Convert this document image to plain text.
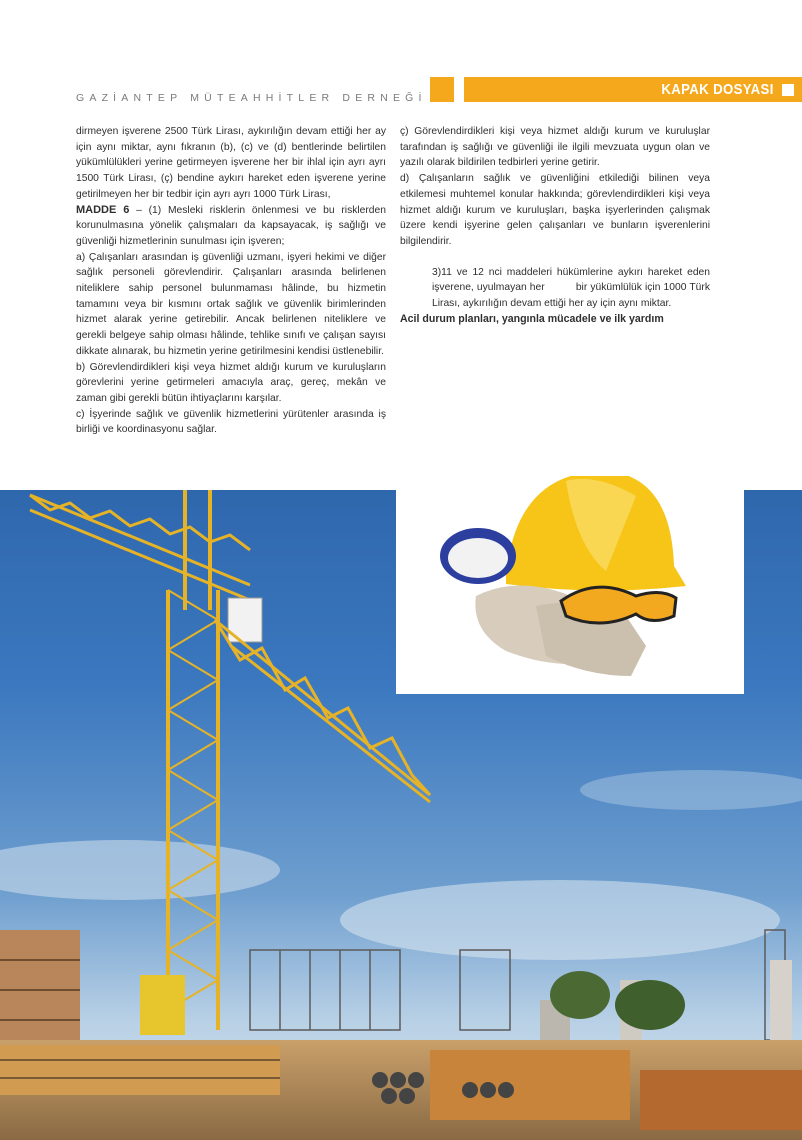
GAZİANTEP MÜTEAHHİTLER DERNEĞİ	KAPAK DOSYASI

dirmeyen işverene 2500 Türk Lirası, aykırılığın devam ettiği her ay için aynı miktar, aynı fıkranın (b), (c) ve (d) bentlerinde belirtilen yükümlülükleri yerine getirmeyen işverene her bir ihlal için ayrı ayrı 1500 Türk Lirası, (ç) bendine aykırı hareket eden işverene yerine getirilmeyen her bir tedbir için ayrı ayrı 1000 Türk Lirası,

MADDE 6 – (1) Mesleki risklerin önlenmesi ve bu risklerden korunulmasına yönelik çalışmaları da kapsayacak, iş sağlığı ve güvenliği hizmetlerinin sunulması için işveren;

a) Çalışanları arasından iş güvenliği uzmanı, işyeri hekimi ve diğer sağlık personeli görevlendirir. Çalışanları arasında belirlenen niteliklere sahip personel bulunmaması hâlinde, bu hizmetin tamamını veya bir kısmını ortak sağlık ve güvenlik birimlerinden hizmet alarak yerine getirebilir. Ancak belirlenen niteliklere ve gerekli belgeye sahip olması hâlinde, tehlike sınıfı ve çalışan sayısı dikkate alınarak, bu hizmetin yerine getirilmesini kendisi üstlenebilir.

b) Görevlendirdikleri kişi veya hizmet aldığı kurum ve kuruluşların görevlerini yerine getirmeleri amacıyla araç, gereç, mekân ve zaman gibi gerekli bütün ihtiyaçlarını karşılar.

c) İşyerinde sağlık ve güvenlik hizmetlerini yürütenler arasında iş birliği ve koordinasyonu sağlar.

ç) Görevlendirdikleri kişi veya hizmet aldığı kurum ve kuruluşlar tarafından iş sağlığı ve güvenliği ile ilgili mevzuata uygun olan ve yazılı olarak bildirilen tedbirleri yerine getirir.

d) Çalışanların sağlık ve güvenliğini etkilediği bilinen veya etkilemesi muhtemel konular hakkında; görevlendirdikleri kişi veya hizmet aldığı kurum ve kuruluşları, başka işyerlerinden çalışmak üzere kendi işyerine gelen çalışanları ve bunların işverenlerini bilgilendirir.

3)11 ve 12 nci maddeleri hükümlerine aykırı hareket eden işverene, uyulmayan her          bir yükümlülük için 1000 Türk Lirası, aykırılığın devam ettiği her ay için aynı miktar.

Acil durum planları, yangınla mücadele ve ilk yardım
